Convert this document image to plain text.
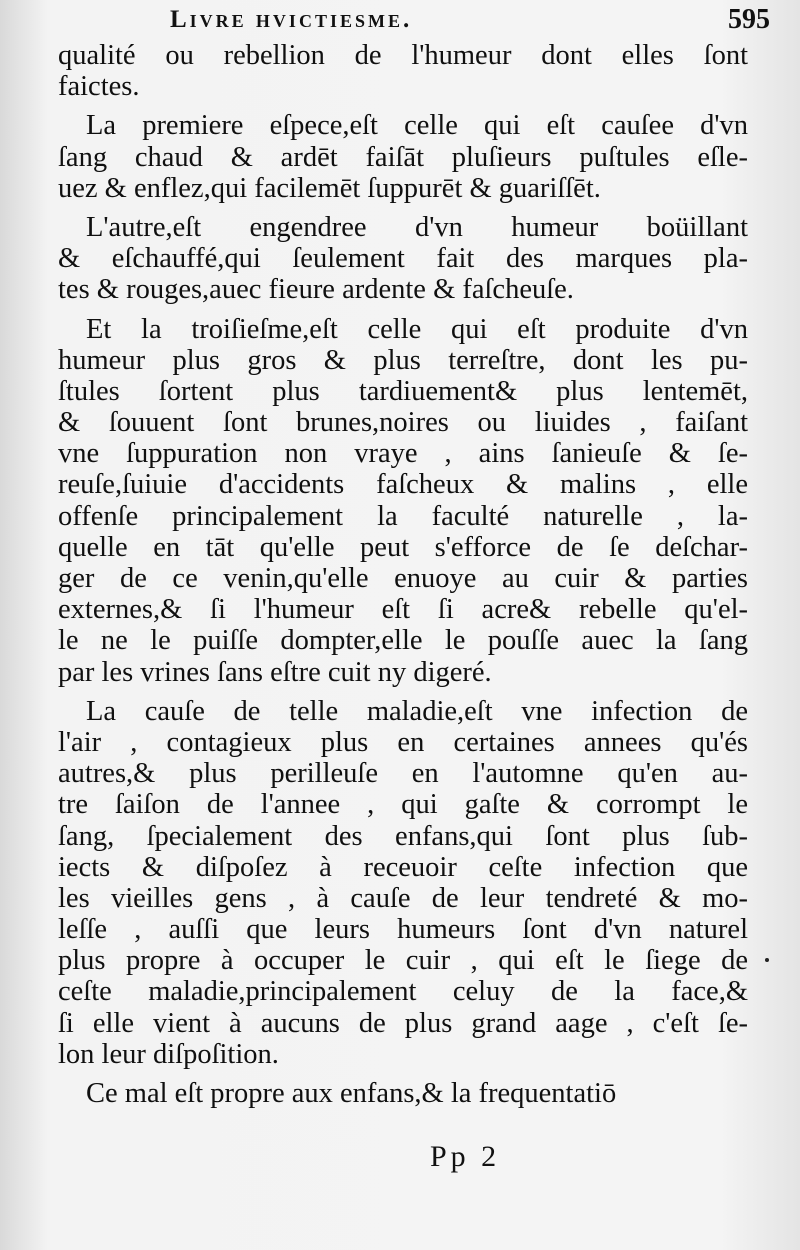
Livre hvictiesme.	595
qualité ou rebellion de l'humeur dont elles ſont
faictes.
La premiere eſpece,eſt celle qui eſt cauſee d'vn
ſang chaud & ardēt faiſāt pluſieurs puſtules eſle-
uez & enflez,qui facilemēt ſuppurēt & guariſſēt.
L'autre,eſt engendree d'vn humeur boüillant
& eſchauffé,qui ſeulement fait des marques pla-
tes & rouges,auec fieure ardente & faſcheuſe.
Et la troiſieſme,eſt celle qui eſt produite d'vn
humeur plus gros & plus terreſtre, dont les pu-
ſtules ſortent plus tardiuement& plus lentemēt,
& ſouuent ſont brunes,noires ou liuides , faiſant
vne ſuppuration non vraye , ains ſanieuſe & ſe-
reuſe,ſuiuie d'accidents faſcheux & malins , elle
offenſe principalement la faculté naturelle , la-
quelle en tāt qu'elle peut s'efforce de ſe deſchar-
ger de ce venin,qu'elle enuoye au cuir & parties
externes,& ſi l'humeur eſt ſi acre& rebelle qu'el-
le ne le puiſſe dompter,elle le pouſſe auec la ſang
par les vrines ſans eſtre cuit ny digeré.
La cauſe de telle maladie,eſt vne infection de
l'air , contagieux plus en certaines annees qu'és
autres,& plus perilleuſe en l'automne qu'en au-
tre ſaiſon de l'annee , qui gaſte & corrompt le
ſang, ſpecialement des enfans,qui ſont plus ſub-
iects & diſpoſez à receuoir ceſte infection que
les vieilles gens , à cauſe de leur tendreté & mo-
leſſe , auſſi que leurs humeurs ſont d'vn naturel
plus propre à occuper le cuir , qui eſt le ſiege de
ceſte maladie,principalement celuy de la face,&
ſi elle vient à aucuns de plus grand aage , c'eſt ſe-
lon leur diſpoſition.
Ce mal eſt propre aux enfans,& la frequentatiō
Pp 2
